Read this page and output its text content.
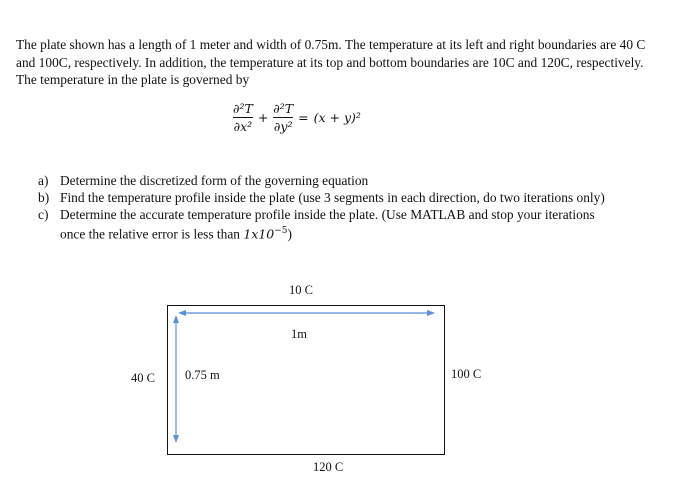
The plate shown has a length of 1 meter and width of 0.75m. The temperature at its left and right boundaries are 40 C and 100C, respectively. In addition, the temperature at its top and bottom boundaries are 10C and 120C, respectively. The temperature in the plate is governed by
$\frac{\text{∂²T}}{\text{∂x²}} + \frac{\text{∂²T}}{\text{∂y²}} = (x + y)^2$
a) Determine the discretized form of the governing equation
b) Find the temperature profile inside the plate (use 3 segments in each direction, do two iterations only)
c) Determine the accurate temperature profile inside the plate. (Use MATLAB and stop your iterations once the relative error is less than $1x10^{-5}$)
10 C
1m
0.75 m
40 C	100 C
120 C
